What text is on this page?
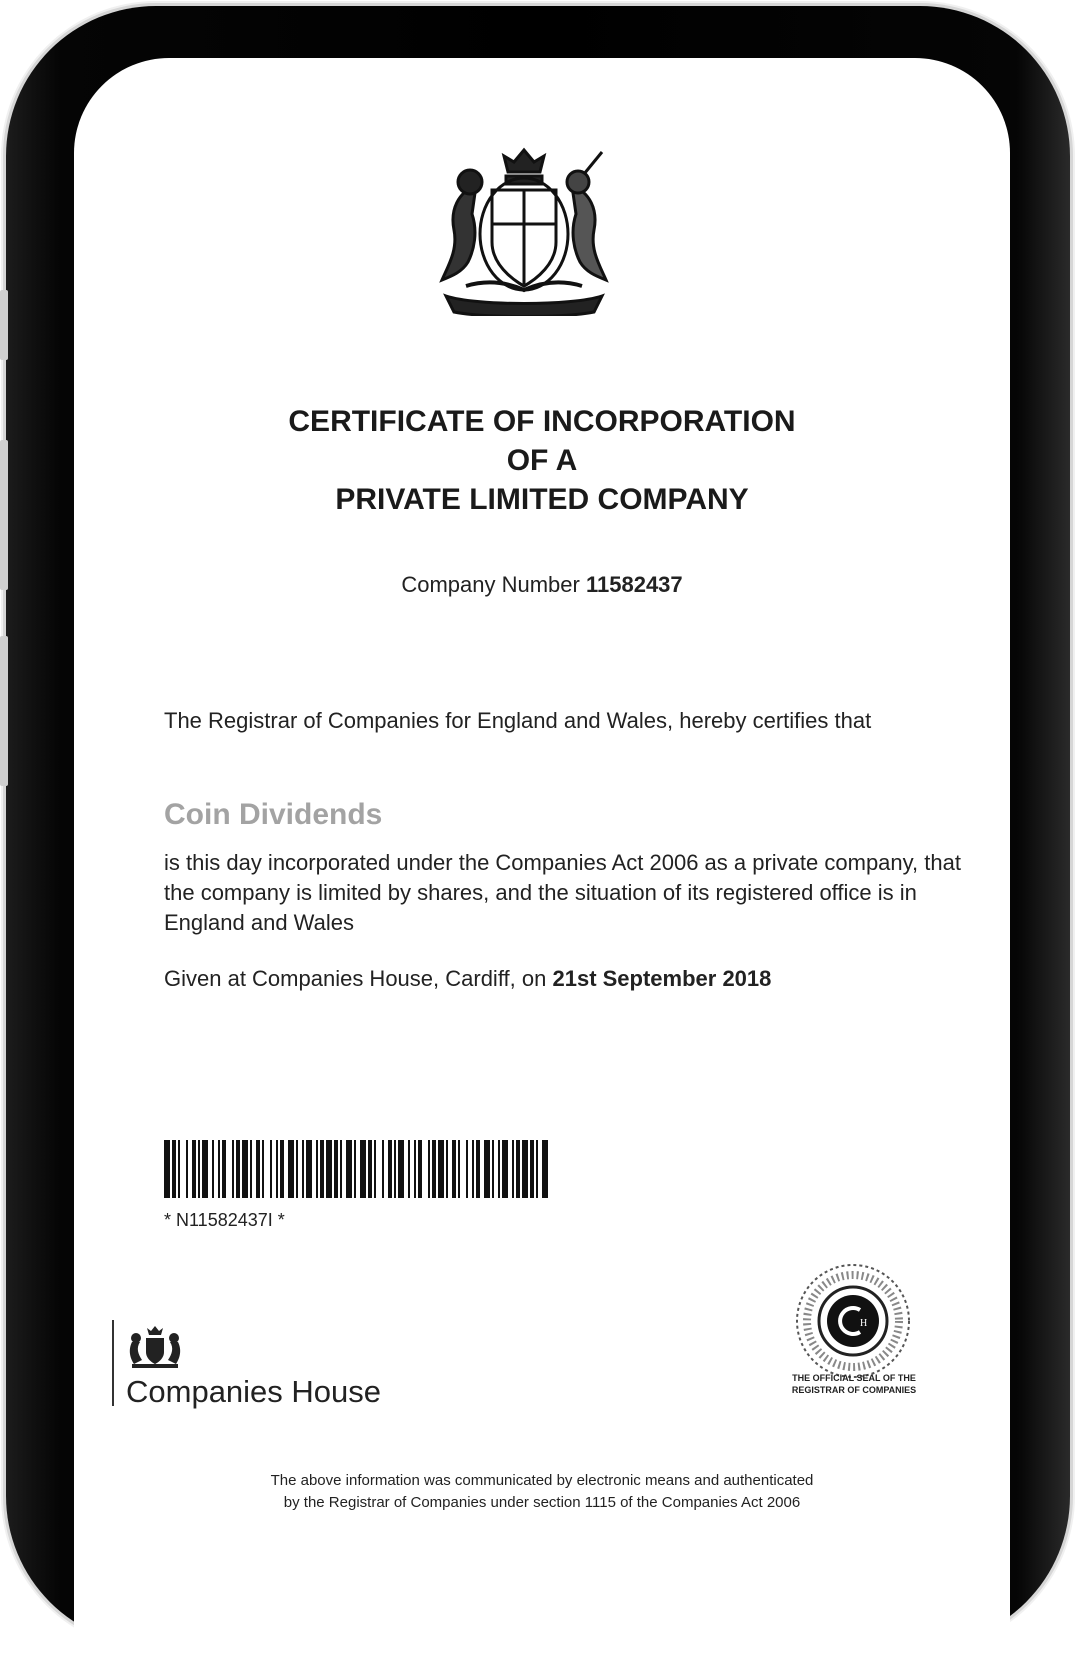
CERTIFICATE OF INCORPORATION
OF A
PRIVATE LIMITED COMPANY
Company Number 11582437

The Registrar of Companies for England and Wales, hereby certifies that

Coin Dividends

is this day incorporated under the Companies Act 2006 as a private company, that the company is limited by shares, and the situation of its registered office is in England and Wales

Given at Companies House, Cardiff, on 21st September 2018

* N11582437I *
Companies House
H
THE OFFICIAL SEAL OF THE
REGISTRAR OF COMPANIES

The above information was communicated by electronic means and authenticated
by the Registrar of Companies under section 1115 of the Companies Act 2006
